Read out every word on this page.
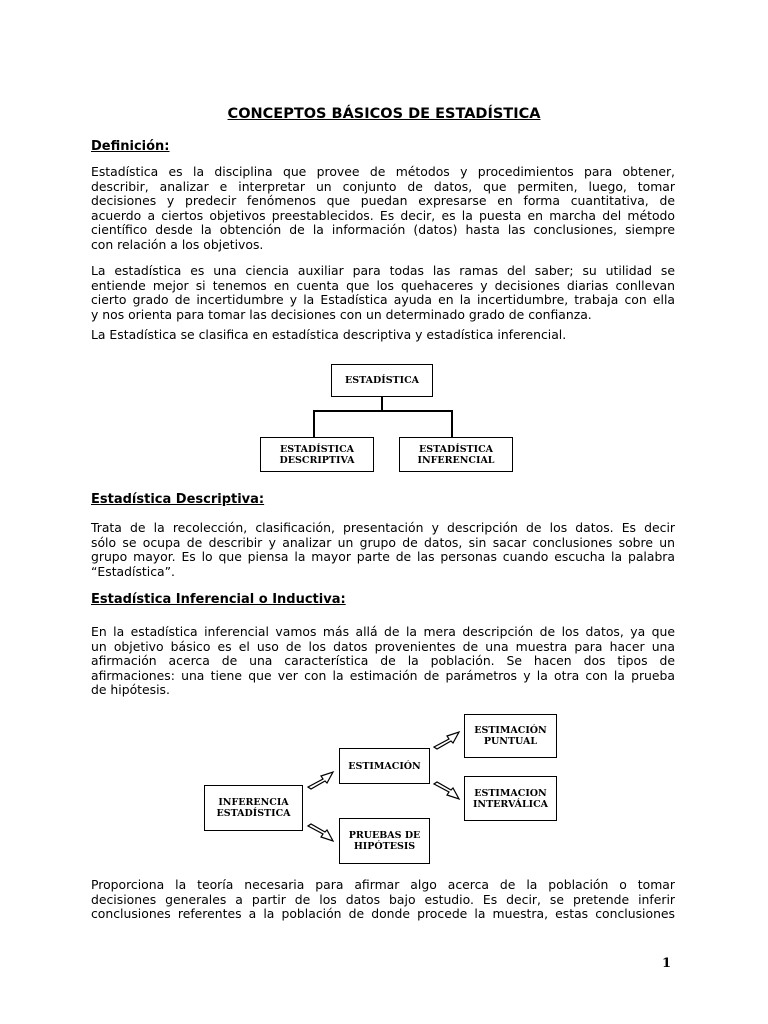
CONCEPTOS BÁSICOS DE ESTADÍSTICA
Definición:

Estadística es la disciplina que provee de métodos y procedimientos para obtener,
describir, analizar e interpretar un conjunto de datos, que permiten, luego, tomar
decisiones y predecir fenómenos que puedan expresarse en forma cuantitativa, de
acuerdo a ciertos objetivos preestablecidos. Es decir, es la puesta en marcha del método
científico desde la obtención de la información (datos) hasta las conclusiones, siempre
con relación a los objetivos.

La estadística es una ciencia auxiliar para todas las ramas del saber; su utilidad se
entiende mejor si tenemos en cuenta que los quehaceres y decisiones diarias conllevan
cierto grado de incertidumbre y la Estadística ayuda en la incertidumbre, trabaja con ella
y nos orienta para tomar las decisiones con un determinado grado de confianza.

La Estadística se clasifica en estadística descriptiva y estadística inferencial.

ESTADÍSTICA
ESTADÍSTICA
DESCRIPTIVA
ESTADÍSTICA
INFERENCIAL
Estadística Descriptiva:

Trata de la recolección, clasificación, presentación y descripción de los datos. Es decir
sólo se ocupa de describir y analizar un grupo de datos, sin sacar conclusiones sobre un
grupo mayor. Es lo que piensa la mayor parte de las personas cuando escucha la palabra
“Estadística”.

Estadística Inferencial o Inductiva:

En la estadística inferencial vamos más allá de la mera descripción de los datos, ya que
un objetivo básico es el uso de los datos provenientes de una muestra para hacer una
afirmación acerca de una característica de la población. Se hacen dos tipos de
afirmaciones: una tiene que ver con la estimación de parámetros y la otra con la prueba
de hipótesis.

INFERENCIA
ESTADÍSTICA
ESTIMACIÓN
PRUEBAS DE
HIPÓTESIS
ESTIMACIÓN
PUNTUAL
ESTIMACION
INTERVÁLICA

Proporciona la teoría necesaria para afirmar algo acerca de la población o tomar
decisiones generales a partir de los datos bajo estudio. Es decir, se pretende inferir
conclusiones referentes a la población de donde procede la muestra, estas conclusiones

1
